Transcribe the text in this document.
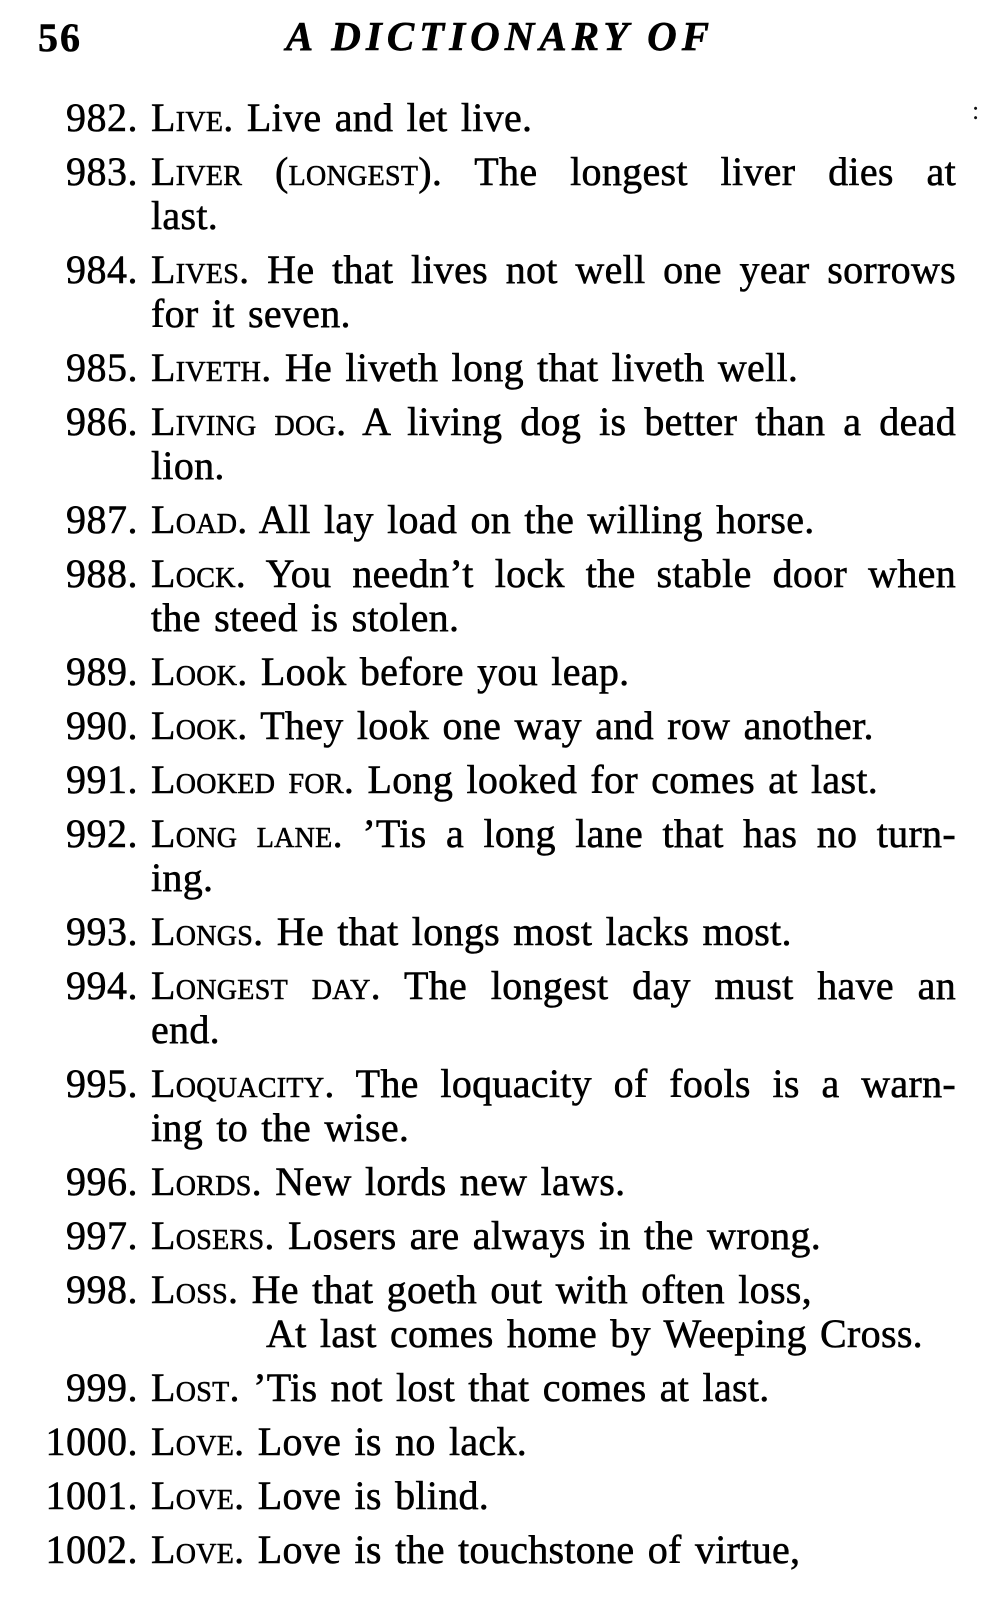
56	A DICTIONARY OF
:
982. Live. Live and let live.
983. Liver (longest). The longest liver dies at
last.
984. Lives. He that lives not well one year sorrows
for it seven.
985. Liveth. He liveth long that liveth well.
986. Living dog. A living dog is better than a dead
lion.
987. Load. All lay load on the willing horse.
988. Lock. You needn’t lock the stable door when
the steed is stolen.
989. Look. Look before you leap.
990. Look. They look one way and row another.
991. Looked for. Long looked for comes at last.
992. Long lane. ’Tis a long lane that has no turn-
ing.
993. Longs. He that longs most lacks most.
994. Longest day. The longest day must have an
end.
995. Loquacity. The loquacity of fools is a warn-
ing to the wise.
996. Lords. New lords new laws.
997. Losers. Losers are always in the wrong.
998. Loss. He that goeth out with often loss,
At last comes home by Weeping Cross.
999. Lost. ’Tis not lost that comes at last.
1000. Love. Love is no lack.
1001. Love. Love is blind.
1002. Love. Love is the touchstone of virtue,
